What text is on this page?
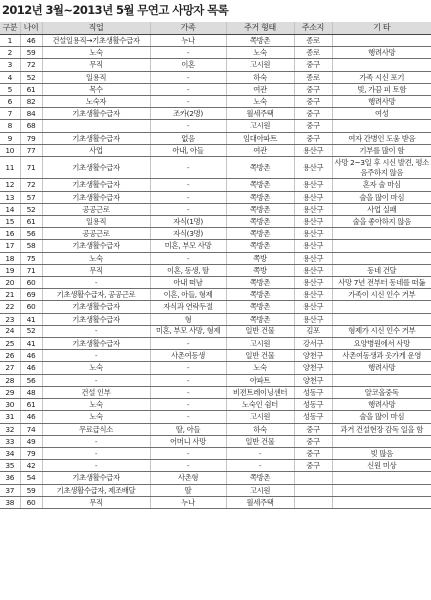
2012년 3월~2013년 5월 무연고 사망자 목록
구분	나이	직업	가족	주거 형태	주소지	기 타
1	46	건설일용직→기초생활수급자	누나	쪽방촌	종로	
2	59	노숙	-	노숙	종로	행려사망
3	72	무직	이혼	고시원	중구	
4	52	일용직	-	하숙	종로	가족 시신 포기
5	61	목수	-	여관	중구	빚, 가끔 피 토함
6	82	노숙자	-	노숙	중구	행려사망
7	84	기초생활수급자	조카(2명)	월세주택	중구	여성
8	68		-	고시원	중구	
9	79	기초생활수급자	없음	임대아파트	중구	여자 간병인 도움 받음
10	77	사업	아내, 아들	여관	용산구	기부를 많이 함
11	71	기초생활수급자	-	쪽방촌	용산구	사망 2~3일 후 시신 발견, 평소 음주하지 않음
12	72	기초생활수급자	-	쪽방촌	용산구	혼자 술 마심
13	57	기초생활수급자	-	쪽방촌	용산구	술을 많이 마심
14	52	공공근로	-	쪽방촌	용산구	사업 실패
15	61	일용직	자식(1명)	쪽방촌	용산구	술을 좋아하지 않음
16	56	공공근로	자식(3명)	쪽방촌	용산구	
17	58	기초생활수급자	미혼, 부모 사망	쪽방촌	용산구	
18	75	노숙	-	쪽방	용산구	
19	71	무직	이혼, 동생, 딸	쪽방	용산구	동네 건달
20	60	-	아내 떠남	쪽방촌	용산구	사망 7년 전부터 동네를 떠돎
21	69	기초생활수급자, 공공근로	이혼, 아들, 형제	쪽방촌	용산구	가족이 시신 인수 거부
22	60	기초생활수급자	자식과 연락두절	쪽방촌	용산구	
23	41	기초생활수급자	형	쪽방촌	용산구	
24	52	-	미혼, 부모 사망, 형제	일반 건물	김포	형제가 시신 인수 거부
25	41	기초생활수급자	-	고시원	강서구	요양병원에서 사망
26	46	-	사촌여동생	일반 건물	양천구	사촌여동생과 옷가게 운영
27	46	노숙	-	노숙	양천구	행려사망
28	56	-	-	아파트	양천구	
29	48	건설 인부	-	비젼트레이닝센터	성동구	알코올중독
30	61	노숙	-	노숙인 쉼터	성동구	행려사망
31	46	노숙	-	고시원	성동구	술을 많이 마심
32	74	무료급식소	딸, 아들	하숙	중구	과거 건설현장 감독 일을 함
33	49	-	어머니 사망	일반 건물	중구	
34	79	-	-	-	중구	빚 많음
35	42	-	-	-	중구	신원 미상
36	54	기초생활수급자	사촌형	쪽방촌		
37	59	기초생활수급자, 제조배달	딸	고시원		
38	60	무직	누나	월세주택		
